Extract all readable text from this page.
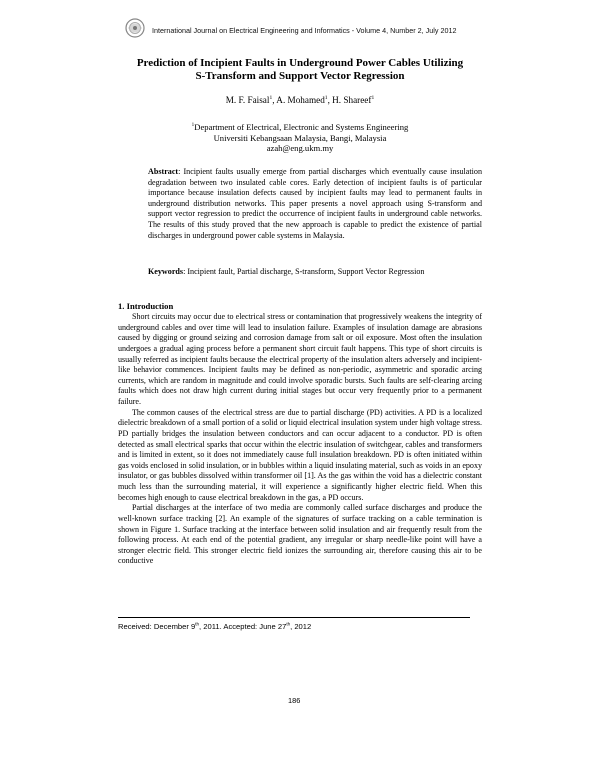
International Journal on Electrical Engineering and Informatics - Volume 4, Number 2, July 2012
Prediction of Incipient Faults in Underground Power Cables Utilizing
S-Transform and Support Vector Regression
M. F. Faisal$^1$, A. Mohamed$^1$, H. Shareef$^1$
$^1$Department of Electrical, Electronic and Systems Engineering
Universiti Kebangsaan Malaysia, Bangi, Malaysia
azah@eng.ukm.my
Abstract: Incipient faults usually emerge from partial discharges which eventually cause insulation degradation between two insulated cable cores. Early detection of incipient faults is of particular importance because insulation defects caused by incipient faults may lead to permanent faults in underground distribution networks. This paper presents a novel approach using S-transform and support vector regression to predict the occurrence of incipient faults in underground cable networks. The results of this study proved that the new approach is capable to predict the existence of partial discharges in underground power cable systems in Malaysia.
Keywords: Incipient fault, Partial discharge, S-transform, Support Vector Regression
1. Introduction

Short circuits may occur due to electrical stress or contamination that progressively weakens the integrity of underground cables and over time will lead to insulation failure. Examples of insulation damage are abrasions caused by digging or ground seizing and corrosion damage from salt or oil exposure. Most often the insulation undergoes a gradual aging process before a permanent short circuit fault happens. This type of short circuits is usually referred as incipient faults because the electrical property of the insulation alters adversely and incipient-like behavior commences. Incipient faults may be defined as non-periodic, asymmetric and sporadic arcing currents, which are random in magnitude and could involve sporadic bursts. Such faults are self-clearing arcing faults which does not draw high current during initial stages but occur very frequently prior to a permanent failure.

The common causes of the electrical stress are due to partial discharge (PD) activities. A PD is a localized dielectric breakdown of a small portion of a solid or liquid electrical insulation system under high voltage stress. PD partially bridges the insulation between conductors and can occur adjacent to a conductor. PD is often detected as small electrical sparks that occur within the electric insulation of switchgear, cables and transformers and is limited in extent, so it does not immediately cause full insulation breakdown. PD is often initiated within gas voids enclosed in solid insulation, or in bubbles within a liquid insulating material, such as voids in an epoxy insulator, or gas bubbles dissolved within transformer oil [1]. As the gas within the void has a dielectric constant much less than the surrounding material, it will experience a significantly higher electric field. When this becomes high enough to cause electrical breakdown in the gas, a PD occurs.

Partial discharges at the interface of two media are commonly called surface discharges and produce the well-known surface tracking [2]. An example of the signatures of surface tracking on a cable termination is shown in Figure 1. Surface tracking at the interface between solid insulation and air frequently result from the following process. At each end of the potential gradient, any irregular or sharp needle-like point will have a stronger electric field. This stronger electric field ionizes the surrounding air, therefore causing this air to be conductive

Received: December 9th, 2011. Accepted: June 27th, 2012
186
